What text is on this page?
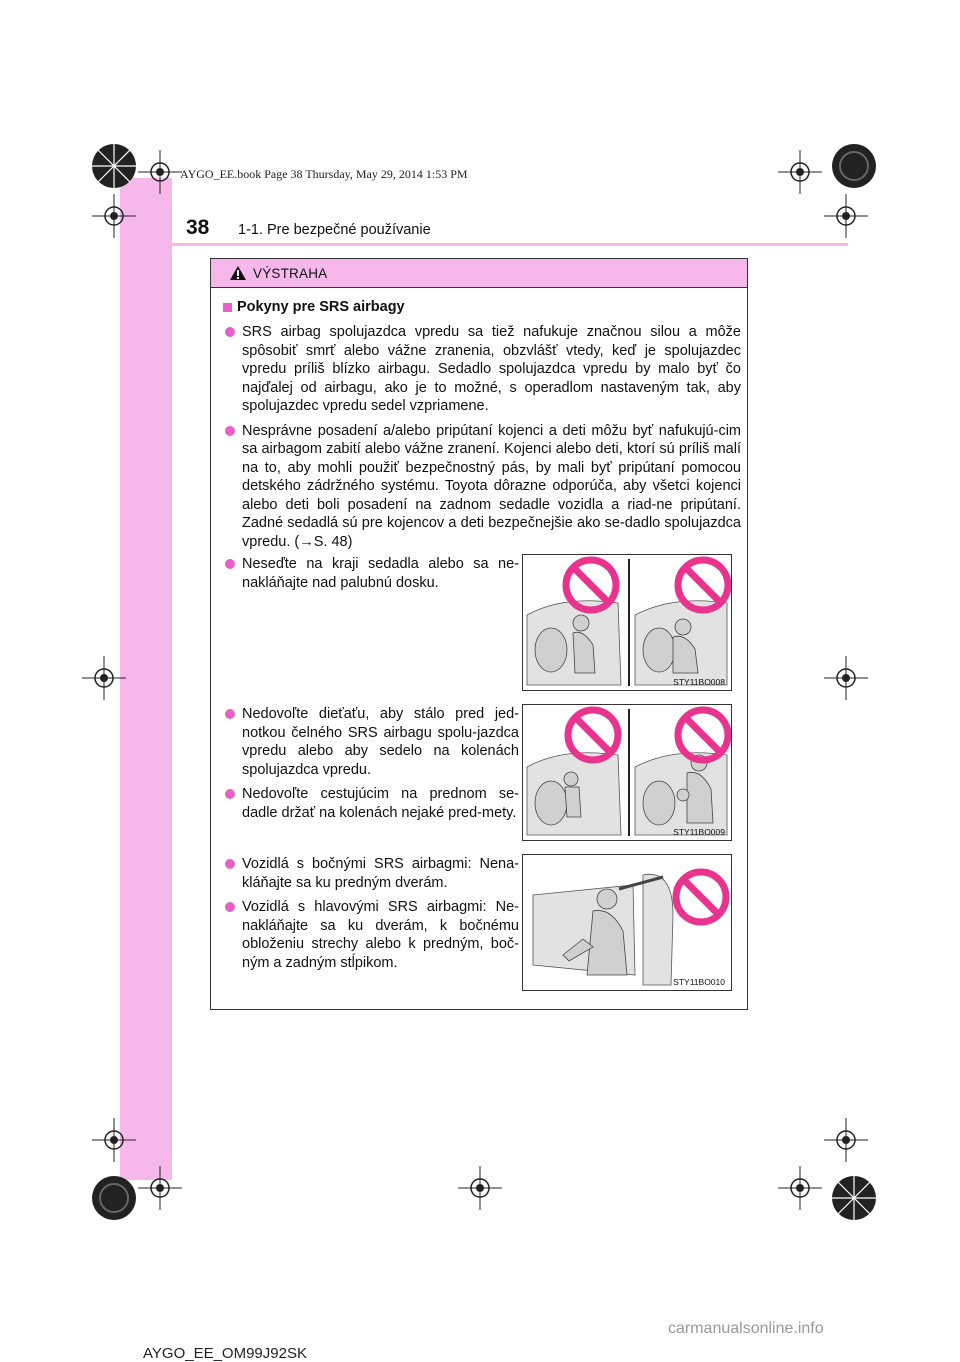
AYGO_EE.book Page 38 Thursday, May 29, 2014 1:53 PM
38 1-1. Pre bezpečné používanie
VÝSTRAHA
Pokyny pre SRS airbagy
SRS airbag spolujazdca vpredu sa tiež nafukuje značnou silou a môže spôsobiť smrť alebo vážne zranenia, obzvlášť vtedy, keď je spolujazdec vpredu príliš blízko airbagu. Sedadlo spolujazdca vpredu by malo byť čo najďalej od airbagu, ako je to možné, s operadlom nastaveným tak, aby spolujazdec vpredu sedel vzpriamene.
Nesprávne posadení a/alebo pripútaní kojenci a deti môžu byť nafukujú-cim sa airbagom zabití alebo vážne zranení. Kojenci alebo deti, ktorí sú príliš malí na to, aby mohli použiť bezpečnostný pás, by mali byť pripútaní pomocou detského zádržného systému. Toyota dôrazne odporúča, aby všetci kojenci alebo deti boli posadení na zadnom sedadle vozidla a riad-ne pripútaní. Zadné sedadlá sú pre kojencov a deti bezpečnejšie ako se-dadlo spolujazdca vpredu. (→S. 48)
Neseďte na kraji sedadla alebo sa ne-nakláňajte nad palubnú dosku.
STY11BO008
Nedovoľte dieťaťu, aby stálo pred jed-notkou čelného SRS airbagu spolu-jazdca vpredu alebo aby sedelo na kolenách spolujazdca vpredu.
Nedovoľte cestujúcim na prednom se-dadle držať na kolenách nejaké pred-mety.
STY11BO009
Vozidlá s bočnými SRS airbagmi: Nena-kláňajte sa ku predným dverám.
Vozidlá s hlavovými SRS airbagmi: Ne-nakláňajte sa ku dverám, k bočnému obloženiu strechy alebo k predným, boč-ným a zadným stĺpikom.
STY11BO010
AYGO_EE_OM99J92SK
carmanualsonline.info
